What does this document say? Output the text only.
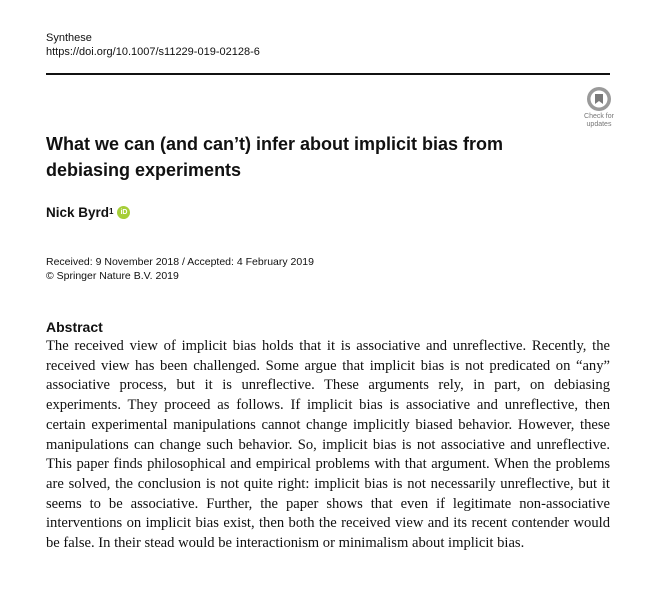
Synthese
https://doi.org/10.1007/s11229-019-02128-6
Check for
updates
What we can (and can’t) infer about implicit bias from debiasing experiments
Nick Byrd$^1$	iD
Received: 9 November 2018 / Accepted: 4 February 2019
© Springer Nature B.V. 2019
Abstract

The received view of implicit bias holds that it is associative and unreflective. Recently, the received view has been challenged. Some argue that implicit bias is not predicated on “any” associative process, but it is unreflective. These arguments rely, in part, on debiasing experiments. They proceed as follows. If implicit bias is associative and unreflective, then certain experimental manipulations cannot change implicitly biased behavior. However, these manipulations can change such behavior. So, implicit bias is not associative and unreflective. This paper finds philosophical and empirical problems with that argument. When the problems are solved, the conclusion is not quite right: implicit bias is not necessarily unreflective, but it seems to be associative. Further, the paper shows that even if legitimate non-associative interventions on implicit bias exist, then both the received view and its recent contender would be false. In their stead would be interactionism or minimalism about implicit bias.
